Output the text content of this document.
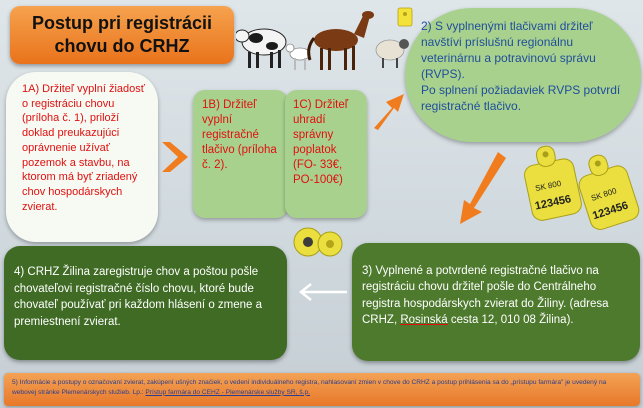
Postup pri registrácii
chovu do CRHZ

2) S vyplnenými tlačivami držiteľ navštívi príslušnú regionálnu veterinárnu a potravinovú správu (RVPS).

Po splnení požiadaviek RVPS potvrdí registračné tlačivo.

SK 800
123456 SK 800
123456

1A) Držiteľ vyplní žiadosť o registráciu chovu (príloha č. 1), priloží doklad preukazujúci oprávnenie užívať pozemok a stavbu, na ktorom má byť zriadený chov hospodárskych zvierat.

1B) Držiteľ vyplní registračné tlačivo (príloha č. 2).

1C) Držiteľ uhradí správny poplatok (FO- 33€, PO-100€)

3) Vyplnené a potvrdené registračné tlačivo na registráciu chovu držiteľ pošle do Centrálneho registra hospodárskych zvierat do Žiliny. (adresa CRHZ, Rosinská cesta 12, 010 08 Žilina).

4) CRHZ Žilina zaregistruje chov a poštou pošle chovateľovi registračné číslo chovu, ktoré bude chovateľ používať pri každom hlásení o zmene a premiestnení zvierat.

5) Informácie a postupy o označovaní zvierat, zakúpení ušných značiek, o vedení individuálneho registra, nahlasovaní zmien v chove do CRHZ a postup prihlásenia sa do „prístupu farmára" je uvedený na webovej stránke Plemenárskych služieb. Lp.: Prístup farmára do CEHZ - Plemenárske služby SR, š.p.
